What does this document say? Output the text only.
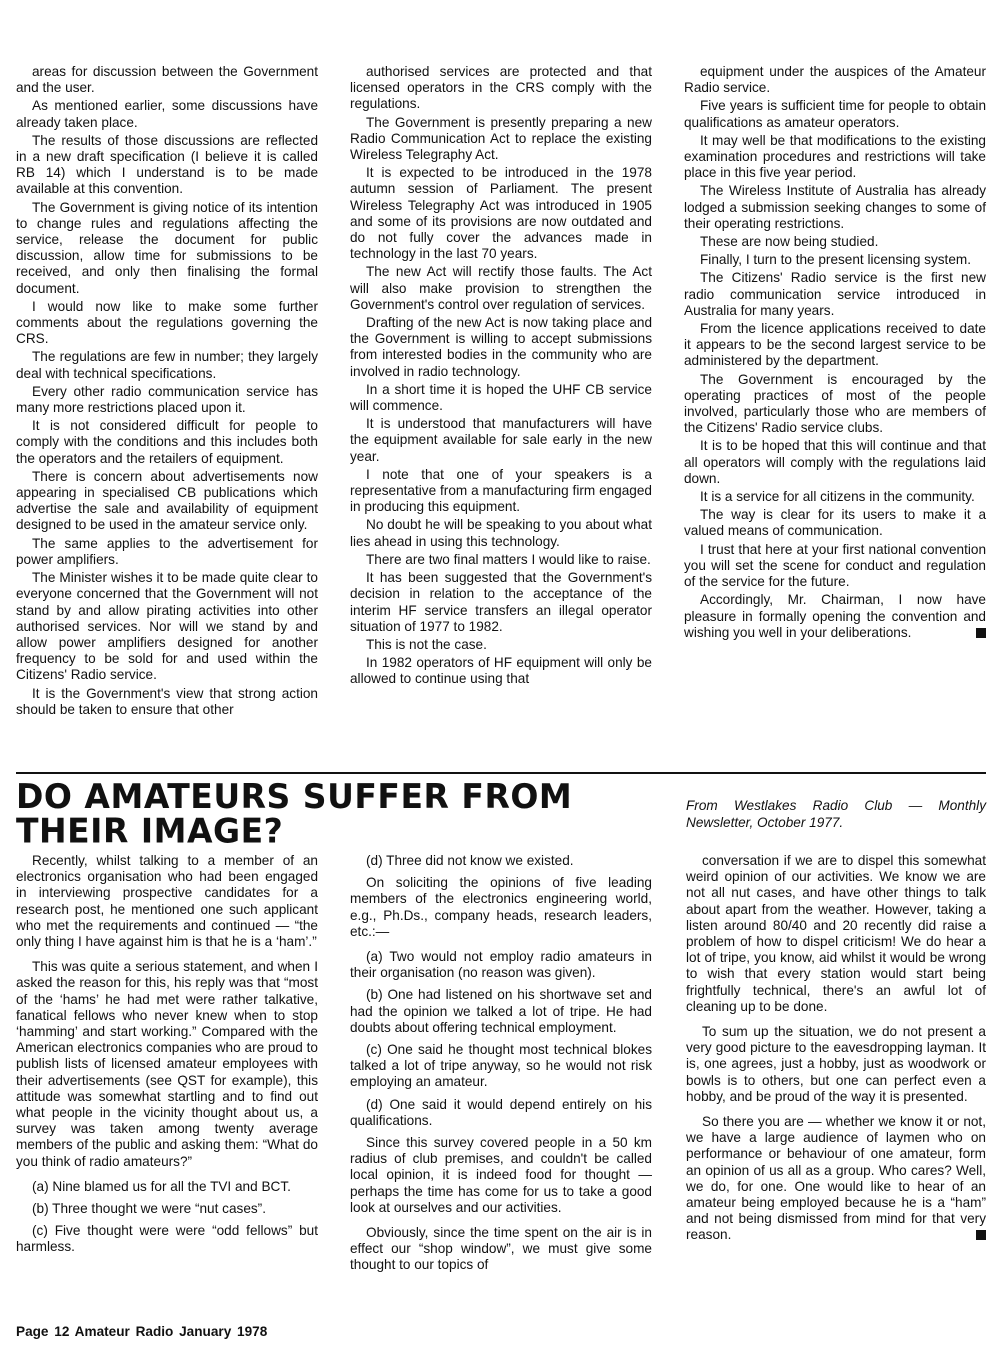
areas for discussion between the Government and the user.

As mentioned earlier, some discussions have already taken place.

The results of those discussions are reflected in a new draft specification (I believe it is called RB 14) which I understand is to be made available at this convention.

The Government is giving notice of its intention to change rules and regulations affecting the service, release the document for public discussion, allow time for submissions to be received, and only then finalising the formal document.

I would now like to make some further comments about the regulations governing the CRS.

The regulations are few in number; they largely deal with technical specifications.

Every other radio communication service has many more restrictions placed upon it.

It is not considered difficult for people to comply with the conditions and this includes both the operators and the retailers of equipment.

There is concern about advertisements now appearing in specialised CB publications which advertise the sale and availability of equipment designed to be used in the amateur service only.

The same applies to the advertisement for power amplifiers.

The Minister wishes it to be made quite clear to everyone concerned that the Government will not stand by and allow pirating activities into other authorised services. Nor will we stand by and allow power amplifiers designed for another frequency to be sold for and used within the Citizens' Radio service.

It is the Government's view that strong action should be taken to ensure that other

authorised services are protected and that licensed operators in the CRS comply with the regulations.

The Government is presently preparing a new Radio Communication Act to replace the existing Wireless Telegraphy Act.

It is expected to be introduced in the 1978 autumn session of Parliament. The present Wireless Telegraphy Act was introduced in 1905 and some of its provisions are now outdated and do not fully cover the advances made in technology in the last 70 years.

The new Act will rectify those faults. The Act will also make provision to strengthen the Government's control over regulation of services.

Drafting of the new Act is now taking place and the Government is willing to accept submissions from interested bodies in the community who are involved in radio technology.

In a short time it is hoped the UHF CB service will commence.

It is understood that manufacturers will have the equipment available for sale early in the new year.

I note that one of your speakers is a representative from a manufacturing firm engaged in producing this equipment.

No doubt he will be speaking to you about what lies ahead in using this technology.

There are two final matters I would like to raise.

It has been suggested that the Government's decision in relation to the acceptance of the interim HF service transfers an illegal operator situation of 1977 to 1982.

This is not the case.

In 1982 operators of HF equipment will only be allowed to continue using that

equipment under the auspices of the Amateur Radio service.

Five years is sufficient time for people to obtain qualifications as amateur operators.

It may well be that modifications to the existing examination procedures and restrictions will take place in this five year period.

The Wireless Institute of Australia has already lodged a submission seeking changes to some of their operating restrictions.

These are now being studied.

Finally, I turn to the present licensing system.

The Citizens' Radio service is the first new radio communication service introduced in Australia for many years.

From the licence applications received to date it appears to be the second largest service to be administered by the department.

The Government is encouraged by the operating practices of most of the people involved, particularly those who are members of the Citizens' Radio service clubs.

It is to be hoped that this will continue and that all operators will comply with the regulations laid down.

It is a service for all citizens in the community.

The way is clear for its users to make it a valued means of communication.

I trust that here at your first national convention you will set the scene for conduct and regulation of the service for the future.

Accordingly, Mr. Chairman, I now have pleasure in formally opening the convention and wishing you well in your deliberations.

DO AMATEURS SUFFER FROM THEIR IMAGE?
From Westlakes Radio Club — Monthly Newsletter, October 1977.

Recently, whilst talking to a member of an electronics organisation who had been engaged in interviewing prospective candidates for a research post, he mentioned one such applicant who met the requirements and continued — “the only thing I have against him is that he is a ‘ham’.”

This was quite a serious statement, and when I asked the reason for this, his reply was that “most of the ‘hams’ he had met were rather talkative, fanatical fellows who never knew when to stop ‘hamming’ and start working.” Compared with the American electronics companies who are proud to publish lists of licensed amateur employees with their advertisements (see QST for example), this attitude was somewhat startling and to find out what people in the vicinity thought about us, a survey was taken among twenty average members of the public and asking them: “What do you think of radio amateurs?”

(a) Nine blamed us for all the TVI and BCT.

(b) Three thought we were “nut cases”.

(c) Five thought were were “odd fellows” but harmless.

(d) Three did not know we existed.

On soliciting the opinions of five leading members of the electronics engineering world, e.g., Ph.Ds., company heads, research leaders, etc.:—

(a) Two would not employ radio amateurs in their organisation (no reason was given).

(b) One had listened on his shortwave set and had the opinion we talked a lot of tripe. He had doubts about offering technical employment.

(c) One said he thought most technical blokes talked a lot of tripe anyway, so he would not risk employing an amateur.

(d) One said it would depend entirely on his qualifications.

Since this survey covered people in a 50 km radius of club premises, and couldn't be called local opinion, it is indeed food for thought — perhaps the time has come for us to take a good look at ourselves and our activities.

Obviously, since the time spent on the air is in effect our “shop window”, we must give some thought to our topics of

conversation if we are to dispel this somewhat weird opinion of our activities. We know we are not all nut cases, and have other things to talk about apart from the weather. However, taking a listen around 80/40 and 20 recently did raise a problem of how to dispel criticism! We do hear a lot of tripe, you know, aid whilst it would be wrong to wish that every station would start being frightfully technical, there's an awful lot of cleaning up to be done.

To sum up the situation, we do not present a very good picture to the eavesdropping layman. It is, one agrees, just a hobby, just as woodwork or bowls is to others, but one can perfect even a hobby, and be proud of the way it is presented.

So there you are — whether we know it or not, we have a large audience of laymen who on performance or behaviour of one amateur, form an opinion of us all as a group. Who cares? Well, we do, for one. One would like to hear of an amateur being employed because he is a “ham” and not being dismissed from mind for that very reason.

Page 12 Amateur Radio January 1978
